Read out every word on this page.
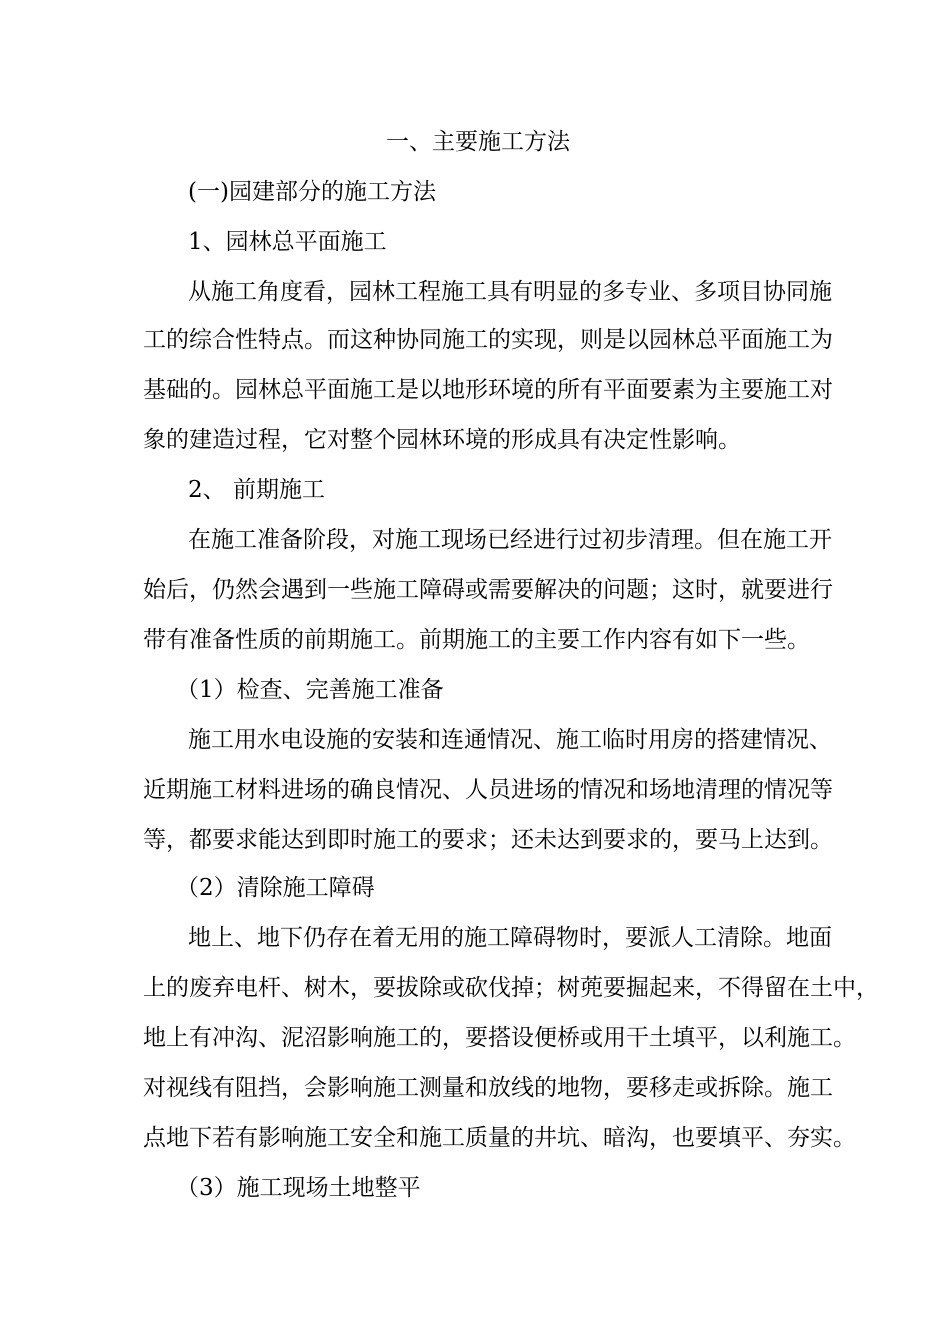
一、主要施工方法
(一)园建部分的施工方法
1、园林总平面施工
从施工角度看，园林工程施工具有明显的多专业、多项目协同施
工的综合性特点。而这种协同施工的实现，则是以园林总平面施工为
基础的。园林总平面施工是以地形环境的所有平面要素为主要施工对
象的建造过程，它对整个园林环境的形成具有决定性影响。
2、 前期施工
在施工准备阶段，对施工现场已经进行过初步清理。但在施工开
始后，仍然会遇到一些施工障碍或需要解决的问题；这时，就要进行
带有准备性质的前期施工。前期施工的主要工作内容有如下一些。
（1）检查、完善施工准备
施工用水电设施的安装和连通情况、施工临时用房的搭建情况、
近期施工材料进场的确良情况、人员进场的情况和场地清理的情况等
等，都要求能达到即时施工的要求；还未达到要求的，要马上达到。
（2）清除施工障碍
地上、地下仍存在着无用的施工障碍物时，要派人工清除。地面
上的废弃电杆、树木，要拔除或砍伐掉；树蔸要掘起来，不得留在土中，
地上有冲沟、泥沼影响施工的，要搭设便桥或用干土填平，以利施工。
对视线有阻挡，会影响施工测量和放线的地物，要移走或拆除。施工
点地下若有影响施工安全和施工质量的井坑、暗沟，也要填平、夯实。
（3）施工现场土地整平
